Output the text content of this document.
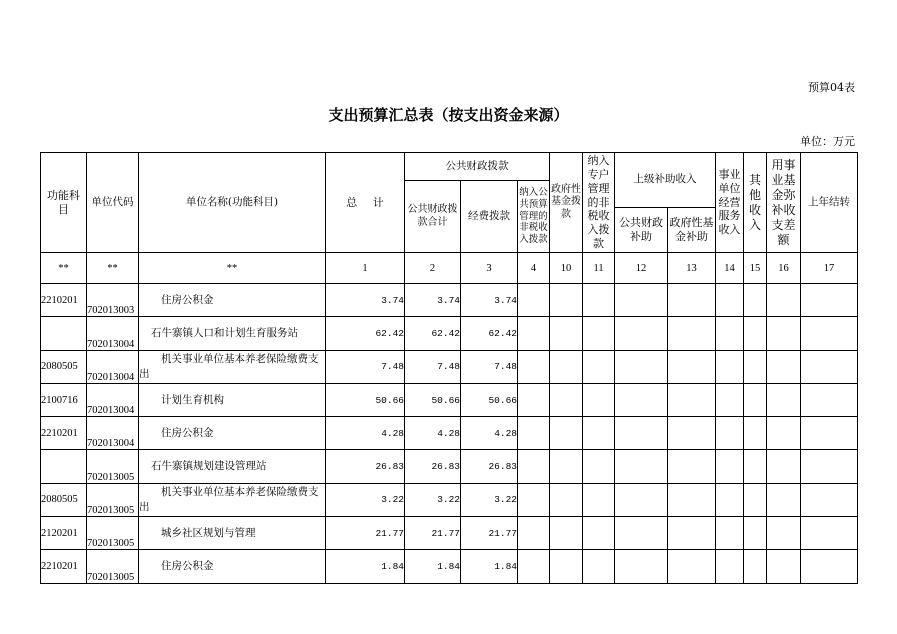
预算04表
支出预算汇总表（按支出资金来源）
单位：万元
功能科目	单位代码	单位名称(功能科目)	总 计	公共财政拨款			政府性基金拨款	纳入专户管理的非税收入拨款	上级补助收入		事业单位经营服务收入	其他收入	用事业基金弥补收支差额	上年结转
				公共财政拨款合计	经费拨款	纳入公共预算管理的非税收入拨款								
									公共财政补助	政府性基金补助				
**	**	**	1	2	3	4	10	11	12	13	14	15	16	17
2210201	702013003	住房公积金	3.74	3.74	3.74									
	702013004	石牛寨镇人口和计划生育服务站	62.42	62.42	62.42									
2080505	702013004	机关事业单位基本养老保险缴费支出	7.48	7.48	7.48									
2100716	702013004	计划生育机构	50.66	50.66	50.66									
2210201	702013004	住房公积金	4.28	4.28	4.28									
	702013005	石牛寨镇规划建设管理站	26.83	26.83	26.83									
2080505	702013005	机关事业单位基本养老保险缴费支出	3.22	3.22	3.22									
2120201	702013005	城乡社区规划与管理	21.77	21.77	21.77									
2210201	702013005	住房公积金	1.84	1.84	1.84									
